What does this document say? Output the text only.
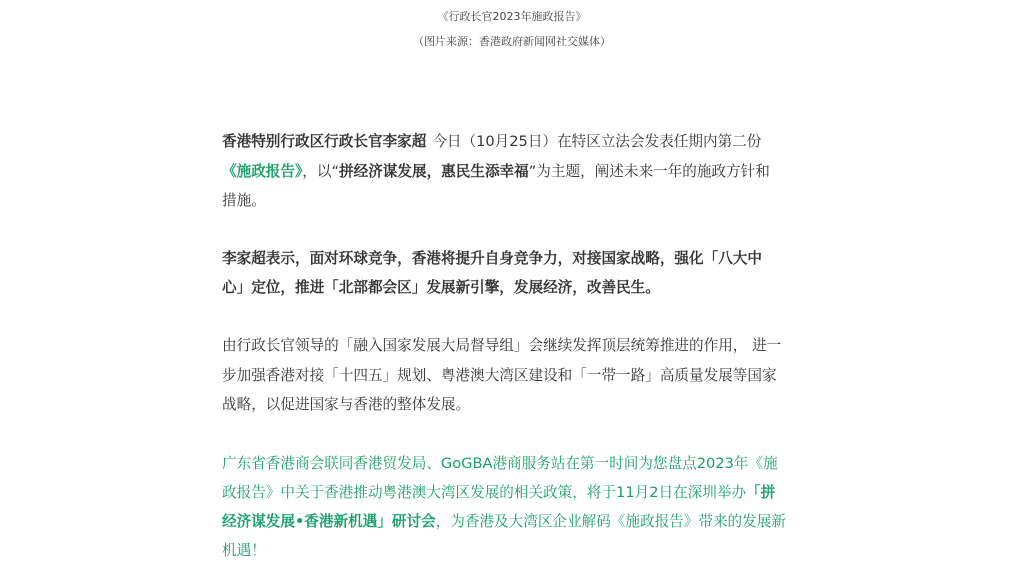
《行政长官2023年施政报告》
（图片来源：香港政府新闻网社交媒体）
香港特别行政区行政长官李家超 今日（10月25日）在特区立法会发表任期内第二份
《施政报告》，以“拼经济谋发展，惠民生添幸福”为主题，阐述未来一年的施政方针和
措施。
李家超表示，面对环球竞争，香港将提升自身竞争力，对接国家战略，强化「八大中
心」定位，推进「北部都会区」发展新引擎，发展经济，改善民生。
由行政长官领导的「融入国家发展大局督导组」会继续发挥顶层统筹推进的作用， 进一
步加强香港对接「十四五」规划、粤港澳大湾区建设和「一带一路」高质量发展等国家
战略，以促进国家与香港的整体发展。
广东省香港商会联同香港贸发局、GoGBA港商服务站在第一时间为您盘点2023年《施
政报告》中关于香港推动粤港澳大湾区发展的相关政策，将于11月2日在深圳举办「拼
经济谋发展•香港新机遇」研讨会，为香港及大湾区企业解码《施政报告》带来的发展新
机遇！
